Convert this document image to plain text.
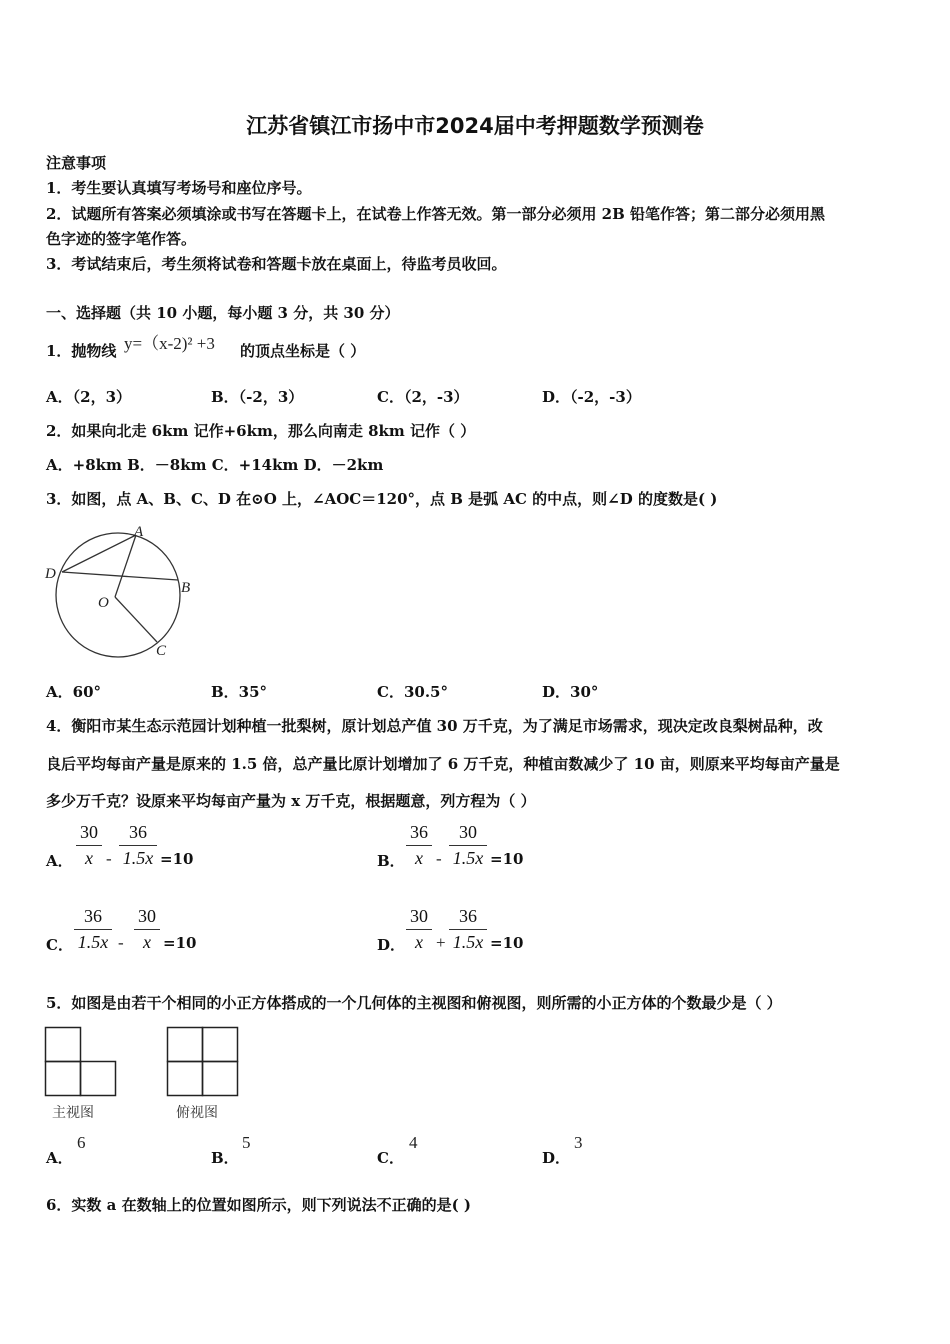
江苏省镇江市扬中市2024届中考押题数学预测卷
注意事项
1．考生要认真填写考场号和座位序号。
2．试题所有答案必须填涂或书写在答题卡上，在试卷上作答无效。第一部分必须用 2B 铅笔作答；第二部分必须用黑
色字迹的签字笔作答。
3．考试结束后，考生须将试卷和答题卡放在桌面上，待监考员收回。
一、选择题（共 10 小题，每小题 3 分，共 30 分）
1．抛物线 y=（x-2)² +3 的顶点坐标是（ ）
A．（2，3）	B．（-2，3）	C．（2，-3）	D．（-2，-3）
2．如果向北走 6km 记作+6km，那么向南走 8km 记作（ ）
A．+8km B．－8km C．+14km D．－2km
3．如图，点 A、B、C、D 在⊙O 上，∠AOC＝120°，点 B 是弧 AC 的中点，则∠D 的度数是( )
A
B
C
D
O
A．60°	B．35°	C．30.5°	D．30°
4．衡阳市某生态示范园计划种植一批梨树，原计划总产值 30 万千克，为了满足市场需求，现决定改良梨树品种，改
良后平均每亩产量是原来的 1.5 倍，总产量比原计划增加了 6 万千克，种植亩数减少了 10 亩，则原来平均每亩产量是
多少万千克？设原来平均每亩产量为 x 万千克，根据题意，列方程为（ ）
A． $\frac{30}{x} - \frac{36}{1.5x} =10$	B． $\frac{36}{x} - \frac{30}{1.5x} =10$
C． $\frac{36}{1.5x} - \frac{30}{x} =10$	D． $\frac{30}{x} + \frac{36}{1.5x} =10$
5．如图是由若干个相同的小正方体搭成的一个几何体的主视图和俯视图，则所需的小正方体的个数最少是（ ）
主视图	俯视图
A．
6
B．
5
C．
4
D．
3
6．实数 a 在数轴上的位置如图所示，则下列说法不正确的是( )
